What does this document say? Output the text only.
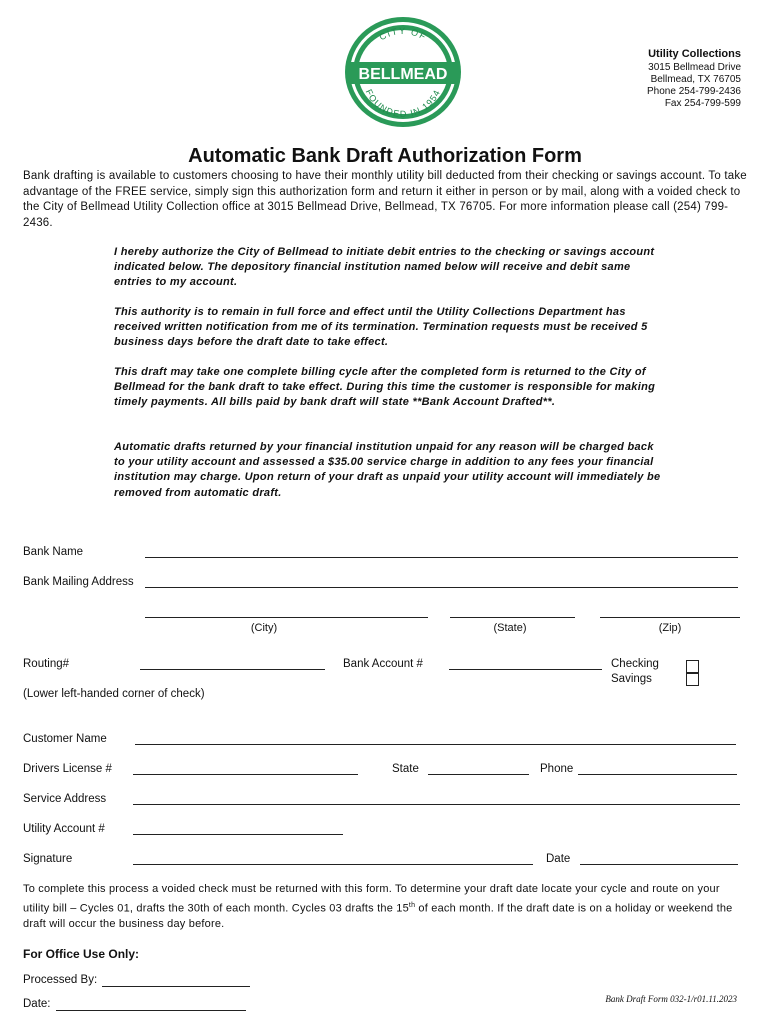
CITY OF
FOUNDED IN 1954
BELLMEAD
Utility Collections
3015 Bellmead Drive
Bellmead, TX 76705
Phone 254-799-2436
Fax 254-799-599
Automatic Bank Draft Authorization Form
Bank drafting is available to customers choosing to have their monthly utility bill deducted from their checking or savings account. To take advantage of the FREE service, simply sign this authorization form and return it either in person or by mail, along with a voided check to the City of Bellmead Utility Collection office at 3015 Bellmead Drive, Bellmead, TX 76705. For more information please call (254) 799-2436.
I hereby authorize the City of Bellmead to initiate debit entries to the checking or savings account indicated below. The depository financial institution named below will receive and debit same entries to my account.
This authority is to remain in full force and effect until the Utility Collections Department has received written notification from me of its termination. Termination requests must be received 5 business days before the draft date to take effect.
This draft may take one complete billing cycle after the completed form is returned to the City of Bellmead for the bank draft to take effect. During this time the customer is responsible for making timely payments. All bills paid by bank draft will state **Bank Account Drafted**.
Automatic drafts returned by your financial institution unpaid for any reason will be charged back to your utility account and assessed a $35.00 service charge in addition to any fees your financial institution may charge. Upon return of your draft as unpaid your utility account will immediately be removed from automatic draft.
Bank Name
Bank Mailing Address
(City)	(State)	(Zip)
Routing#	Bank Account #	Checking
Savings
(Lower left-handed corner of check)
Customer Name
Drivers License #	State	Phone
Service Address
Utility Account #
Signature	Date
To complete this process a voided check must be returned with this form. To determine your draft date locate your cycle and route on your utility bill – Cycles 01, drafts the 30th of each month. Cycles 03 drafts the 15th of each month. If the draft date is on a holiday or weekend the draft will occur the business day before.
For Office Use Only:
Processed By:
Date:	Bank Draft Form 032-1/r01.11.2023
